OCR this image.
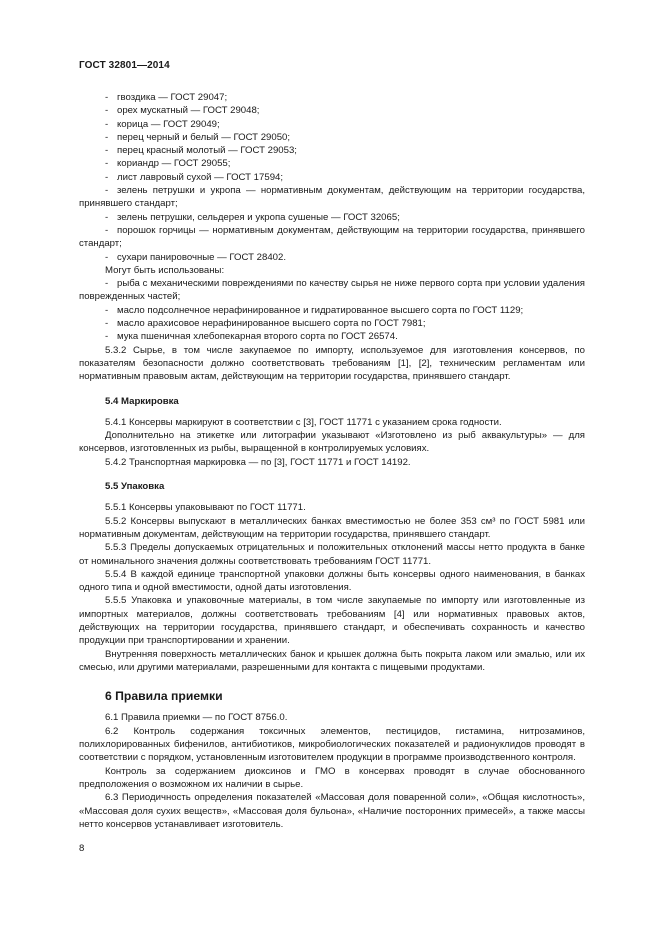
ГОСТ 32801—2014

- гвоздика — ГОСТ 29047;

- орех мускатный — ГОСТ 29048;

- корица — ГОСТ 29049;

- перец черный и белый — ГОСТ 29050;

- перец красный молотый — ГОСТ 29053;

- кориандр — ГОСТ 29055;

- лист лавровый сухой — ГОСТ 17594;

- зелень петрушки и укропа — нормативным документам, действующим на территории государства, принявшего стандарт;

- зелень петрушки, сельдерея и укропа сушеные — ГОСТ 32065;

- порошок горчицы — нормативным документам, действующим на территории государства, принявшего стандарт;

- сухари панировочные — ГОСТ 28402.

Могут быть использованы:

- рыба с механическими повреждениями по качеству сырья не ниже первого сорта при условии удаления поврежденных частей;

- масло подсолнечное нерафинированное и гидратированное высшего сорта по ГОСТ 1129;

- масло арахисовое нерафинированное высшего сорта по ГОСТ 7981;

- мука пшеничная хлебопекарная второго сорта по ГОСТ 26574.

5.3.2 Сырье, в том числе закупаемое по импорту, используемое для изготовления консервов, по показателям безопасности должно соответствовать требованиям [1], [2], техническим регламентам или нормативным правовым актам, действующим на территории государства, принявшего стандарт.

5.4 Маркировка

5.4.1 Консервы маркируют в соответствии с [3], ГОСТ 11771 с указанием срока годности.

Дополнительно на этикетке или литографии указывают «Изготовлено из рыб аквакультуры» — для консервов, изготовленных из рыбы, выращенной в контролируемых условиях.

5.4.2 Транспортная маркировка — по [3], ГОСТ 11771 и ГОСТ 14192.

5.5 Упаковка

5.5.1 Консервы упаковывают по ГОСТ 11771.

5.5.2 Консервы выпускают в металлических банках вместимостью не более 353 см³ по ГОСТ 5981 или нормативным документам, действующим на территории государства, принявшего стандарт.

5.5.3 Пределы допускаемых отрицательных и положительных отклонений массы нетто продукта в банке от номинального значения должны соответствовать требованиям ГОСТ 11771.

5.5.4 В каждой единице транспортной упаковки должны быть консервы одного наименования, в банках одного типа и одной вместимости, одной даты изготовления.

5.5.5 Упаковка и упаковочные материалы, в том числе закупаемые по импорту или изготовленные из импортных материалов, должны соответствовать требованиям [4] или нормативных правовых актов, действующих на территории государства, принявшего стандарт, и обеспечивать сохранность и качество продукции при транспортировании и хранении.

Внутренняя поверхность металлических банок и крышек должна быть покрыта лаком или эмалью, или их смесью, или другими материалами, разрешенными для контакта с пищевыми продуктами.

6 Правила приемки

6.1 Правила приемки — по ГОСТ 8756.0.

6.2 Контроль содержания токсичных элементов, пестицидов, гистамина, нитрозаминов, полихлорированных бифенилов, антибиотиков, микробиологических показателей и радионуклидов проводят в соответствии с порядком, установленным изготовителем продукции в программе производственного контроля.

Контроль за содержанием диоксинов и ГМО в консервах проводят в случае обоснованного предположения о возможном их наличии в сырье.

6.3 Периодичность определения показателей «Массовая доля поваренной соли», «Общая кислотность», «Массовая доля сухих веществ», «Массовая доля бульона», «Наличие посторонних примесей», а также массы нетто консервов устанавливает изготовитель.

8
